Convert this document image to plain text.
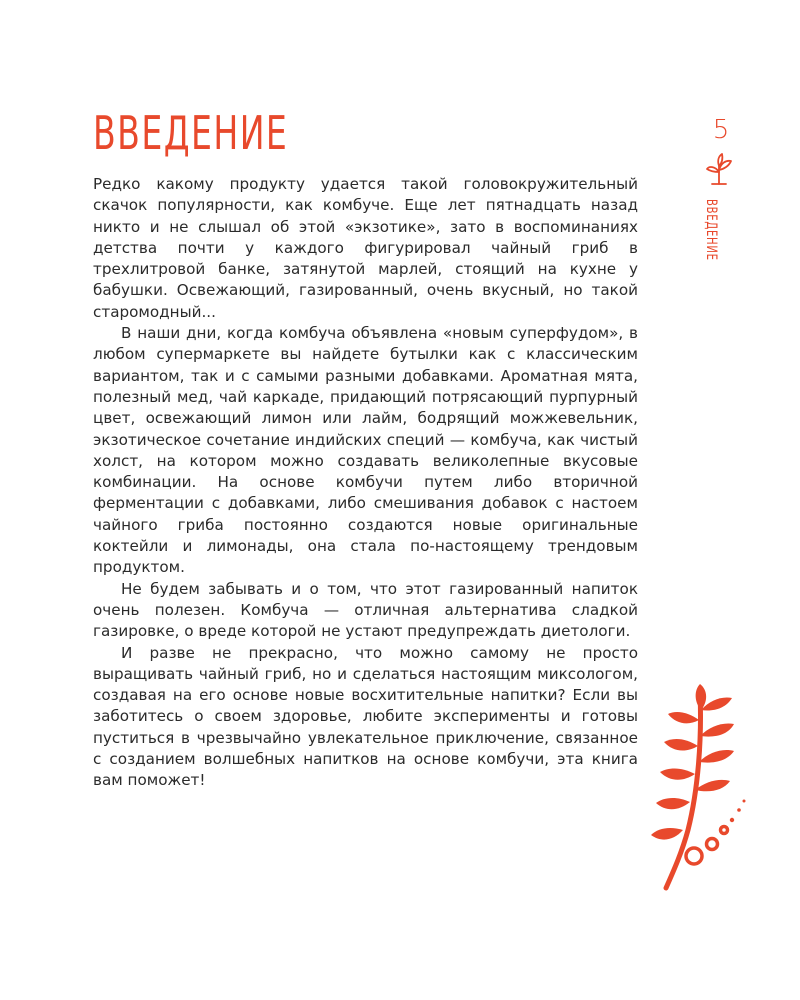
ВВЕДЕНИЕ

Редко какому продукту удается такой головокружительный скачок популярности, как комбуче. Еще лет пятнадцать назад никто и не слышал об этой «экзотике», зато в воспоминаниях детства почти у каждого фигурировал чайный гриб в трехлитровой банке, затянутой марлей, стоящий на кухне у бабушки. Освежающий, газированный, очень вкусный, но такой старомодный...

В наши дни, когда комбуча объявлена «новым суперфудом», в любом супермаркете вы найдете бутылки как с классическим вариантом, так и с самыми разными добавками. Ароматная мята, полезный мед, чай каркаде, придающий потрясающий пурпурный цвет, освежающий лимон или лайм, бодрящий можжевельник, экзотическое сочетание индийских специй — комбуча, как чистый холст, на котором можно создавать великолепные вкусовые комбинации. На основе комбучи путем либо вторичной ферментации с добавками, либо смешивания добавок с настоем чайного гриба постоянно создаются новые оригинальные коктейли и лимонады, она стала по-настоящему трендовым продуктом.

Не будем забывать и о том, что этот газированный напиток очень полезен. Комбуча — отличная альтернатива сладкой газировке, о вреде которой не устают предупреждать диетологи.

И разве не прекрасно, что можно самому не просто выращивать чайный гриб, но и сделаться настоящим миксологом, создавая на его основе новые восхитительные напитки? Если вы заботитесь о своем здоровье, любите эксперименты и готовы пуститься в чрезвычайно увлекательное приключение, связанное с созданием волшебных напитков на основе комбучи, эта книга вам поможет!

5
ВВЕДЕНИЕ
